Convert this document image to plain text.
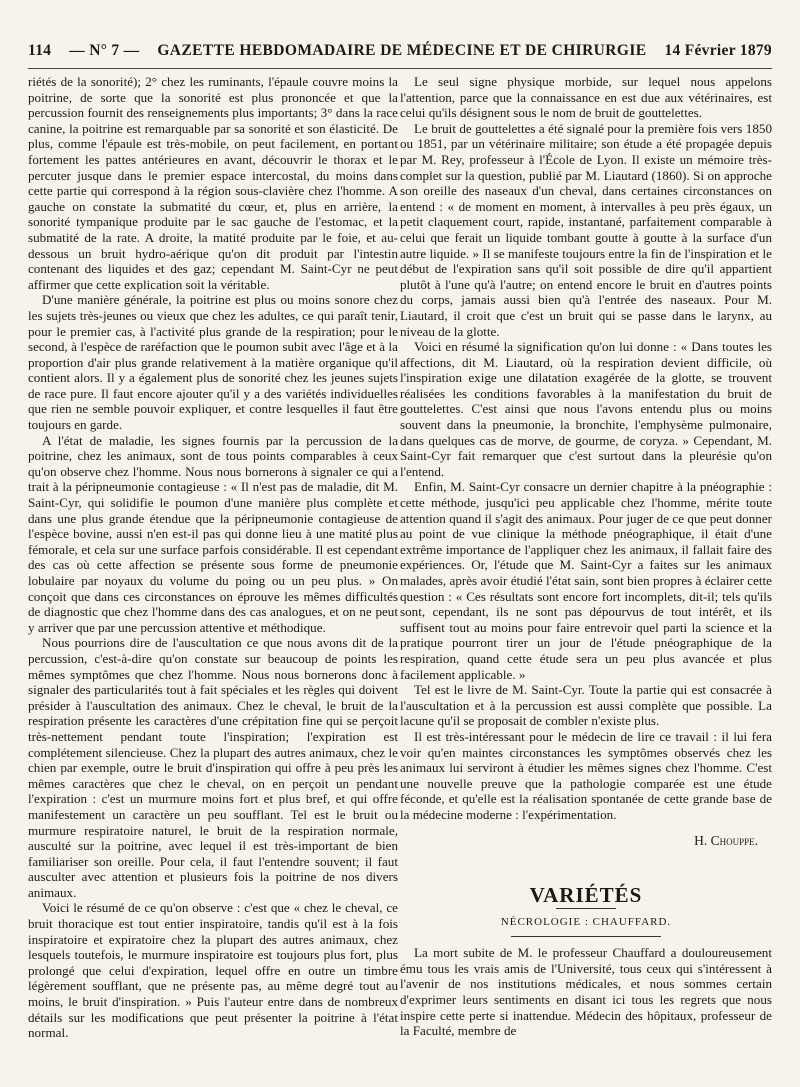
114 — N° 7 — GAZETTE HEBDOMADAIRE DE MÉDECINE ET DE CHIRURGIE 14 Février 1879

riétés de la sonorité); 2° chez les ruminants, l'épaule couvre moins la poitrine, de sorte que la sonorité est plus prononcée et que la percussion fournit des renseignements plus importants; 3° dans la race canine, la poitrine est remarquable par sa sonorité et son élasticité. De plus, comme l'épaule est très-mobile, on peut facilement, en portant fortement les pattes antérieures en avant, découvrir le thorax et le percuter jusque dans le premier espace intercostal, du moins dans cette partie qui correspond à la région sous-clavière chez l'homme. A gauche on constate la submatité du cœur, et, plus en arrière, la sonorité tympanique produite par le sac gauche de l'estomac, et la submatité de la rate. A droite, la matité produite par le foie, et au-dessous un bruit hydro-aérique qu'on dit produit par l'intestin contenant des liquides et des gaz; cependant M. Saint-Cyr ne peut affirmer que cette explication soit la véritable.

D'une manière générale, la poitrine est plus ou moins sonore chez les sujets très-jeunes ou vieux que chez les adultes, ce qui paraît tenir, pour le premier cas, à l'activité plus grande de la respiration; pour le second, à l'espèce de raréfaction que le poumon subit avec l'âge et à la proportion d'air plus grande relativement à la matière organique qu'il contient alors. Il y a également plus de sonorité chez les jeunes sujets de race pure. Il faut encore ajouter qu'il y a des variétés individuelles que rien ne semble pouvoir expliquer, et contre lesquelles il faut être toujours en garde.

A l'état de maladie, les signes fournis par la percussion de la poitrine, chez les animaux, sont de tous points comparables à ceux qu'on observe chez l'homme. Nous nous bornerons à signaler ce qui a trait à la péripneumonie contagieuse : « Il n'est pas de maladie, dit M. Saint-Cyr, qui solidifie le poumon d'une manière plus complète et dans une plus grande étendue que la péripneumonie contagieuse de l'espèce bovine, aussi n'en est-il pas qui donne lieu à une matité plus fémorale, et cela sur une surface parfois considérable. Il est cependant des cas où cette affection se présente sous forme de pneumonie lobulaire par noyaux du volume du poing ou un peu plus. » On conçoit que dans ces circonstances on éprouve les mêmes difficultés de diagnostic que chez l'homme dans des cas analogues, et on ne peut y arriver que par une percussion attentive et méthodique.

Nous pourrions dire de l'auscultation ce que nous avons dit de la percussion, c'est-à-dire qu'on constate sur beaucoup de points les mêmes symptômes que chez l'homme. Nous nous bornerons donc à signaler des particularités tout à fait spéciales et les règles qui doivent présider à l'auscultation des animaux. Chez le cheval, le bruit de la respiration présente les caractères d'une crépitation fine qui se perçoit très-nettement pendant toute l'inspiration; l'expiration est complétement silencieuse. Chez la plupart des autres animaux, chez le chien par exemple, outre le bruit d'inspiration qui offre à peu près les mêmes caractères que chez le cheval, on en perçoit un pendant l'expiration : c'est un murmure moins fort et plus bref, et qui offre manifestement un caractère un peu soufflant. Tel est le bruit ou murmure respiratoire naturel, le bruit de la respiration normale, ausculté sur la poitrine, avec lequel il est très-important de bien familiariser son oreille. Pour cela, il faut l'entendre souvent; il faut ausculter avec attention et plusieurs fois la poitrine de nos divers animaux.

Voici le résumé de ce qu'on observe : c'est que « chez le cheval, ce bruit thoracique est tout entier inspiratoire, tandis qu'il est à la fois inspiratoire et expiratoire chez la plupart des autres animaux, chez lesquels toutefois, le murmure inspiratoire est toujours plus fort, plus prolongé que celui d'expiration, lequel offre en outre un timbre légèrement soufflant, que ne présente pas, au même degré tout au moins, le bruit d'inspiration. » Puis l'auteur entre dans de nombreux détails sur les modifications que peut présenter la poitrine à l'état normal.

Le seul signe physique morbide, sur lequel nous appelons l'attention, parce que la connaissance en est due aux vétérinaires, est celui qu'ils désignent sous le nom de bruit de gouttelettes.

Le bruit de gouttelettes a été signalé pour la première fois vers 1850 ou 1851, par un vétérinaire militaire; son étude a été propagée depuis par M. Rey, professeur à l'École de Lyon. Il existe un mémoire très-complet sur la question, publié par M. Liautard (1860). Si on approche son oreille des naseaux d'un cheval, dans certaines circonstances on entend : « de moment en moment, à intervalles à peu près égaux, un petit claquement court, rapide, instantané, parfaitement comparable à celui que ferait un liquide tombant goutte à goutte à la surface d'un autre liquide. » Il se manifeste toujours entre la fin de l'inspiration et le début de l'expiration sans qu'il soit possible de dire qu'il appartient plutôt à l'une qu'à l'autre; on entend encore le bruit en d'autres points du corps, jamais aussi bien qu'à l'entrée des naseaux. Pour M. Liautard, il croit que c'est un bruit qui se passe dans le larynx, au niveau de la glotte.

Voici en résumé la signification qu'on lui donne : « Dans toutes les affections, dit M. Liautard, où la respiration devient difficile, où l'inspiration exige une dilatation exagérée de la glotte, se trouvent réalisées les conditions favorables à la manifestation du bruit de gouttelettes. C'est ainsi que nous l'avons entendu plus ou moins souvent dans la pneumonie, la bronchite, l'emphysème pulmonaire, dans quelques cas de morve, de gourme, de coryza. » Cependant, M. Saint-Cyr fait remarquer que c'est surtout dans la pleurésie qu'on l'entend.

Enfin, M. Saint-Cyr consacre un dernier chapitre à la pnéographie : cette méthode, jusqu'ici peu applicable chez l'homme, mérite toute attention quand il s'agit des animaux. Pour juger de ce que peut donner au point de vue clinique la méthode pnéographique, il était d'une extrême importance de l'appliquer chez les animaux, il fallait faire des expériences. Or, l'étude que M. Saint-Cyr a faites sur les animaux malades, après avoir étudié l'état sain, sont bien propres à éclairer cette question : « Ces résultats sont encore fort incomplets, dit-il; tels qu'ils sont, cependant, ils ne sont pas dépourvus de tout intérêt, et ils suffisent tout au moins pour faire entrevoir quel parti la science et la pratique pourront tirer un jour de l'étude pnéographique de la respiration, quand cette étude sera un peu plus avancée et plus facilement applicable. »

Tel est le livre de M. Saint-Cyr. Toute la partie qui est consacrée à l'auscultation et à la percussion est aussi complète que possible. La lacune qu'il se proposait de combler n'existe plus.

Il est très-intéressant pour le médecin de lire ce travail : il lui fera voir qu'en maintes circonstances les symptômes observés chez les animaux lui serviront à étudier les mêmes signes chez l'homme. C'est une nouvelle preuve que la pathologie comparée est une étude féconde, et qu'elle est la réalisation spontanée de cette grande base de la médecine moderne : l'expérimentation.

H. Chouppe.
VARIÉTÉS
NÉCROLOGIE : CHAUFFARD.

La mort subite de M. le professeur Chauffard a douloureusement ému tous les vrais amis de l'Université, tous ceux qui s'intéressent à l'avenir de nos institutions médicales, et nous sommes certain d'exprimer leurs sentiments en disant ici tous les regrets que nous inspire cette perte si inattendue. Médecin des hôpitaux, professeur de la Faculté, membre de
